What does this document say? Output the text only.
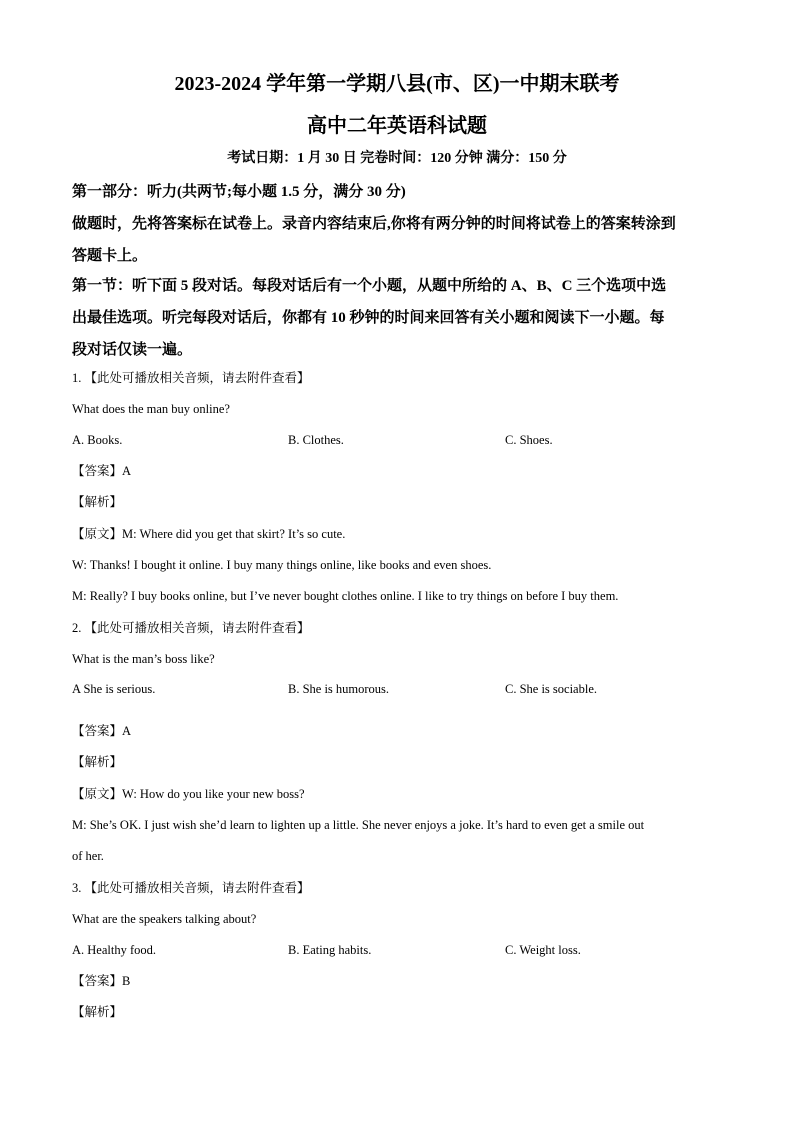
2023-2024 学年第一学期八县(市、区)一中期末联考
高中二年英语科试题
考试日期：1 月 30 日 完卷时间：120 分钟 满分：150 分
第一部分：听力(共两节;每小题 1.5 分，满分 30 分)
做题时，先将答案标在试卷上。录音内容结束后,你将有两分钟的时间将试卷上的答案转涂到
答题卡上。
第一节：听下面 5 段对话。每段对话后有一个小题，从题中所给的 A、B、C 三个选项中选
出最佳选项。听完每段对话后，你都有 10 秒钟的时间来回答有关小题和阅读下一小题。每
段对话仅读一遍。
1. 【此处可播放相关音频，请去附件查看】
What does the man buy online?
A. Books.	B. Clothes.	C. Shoes.
【答案】A
【解析】
【原文】M: Where did you get that skirt? It’s so cute.
W: Thanks! I bought it online. I buy many things online, like books and even shoes.
M: Really? I buy books online, but I’ve never bought clothes online. I like to try things on before I buy them.
2. 【此处可播放相关音频，请去附件查看】
What is the man’s boss like?
A She is serious.	B. She is humorous.	C. She is sociable.
【答案】A
【解析】
【原文】W: How do you like your new boss?
M: She’s OK. I just wish she’d learn to lighten up a little. She never enjoys a joke. It’s hard to even get a smile out
of her.
3. 【此处可播放相关音频，请去附件查看】
What are the speakers talking about?
A. Healthy food.	B. Eating habits.	C. Weight loss.
【答案】B
【解析】
